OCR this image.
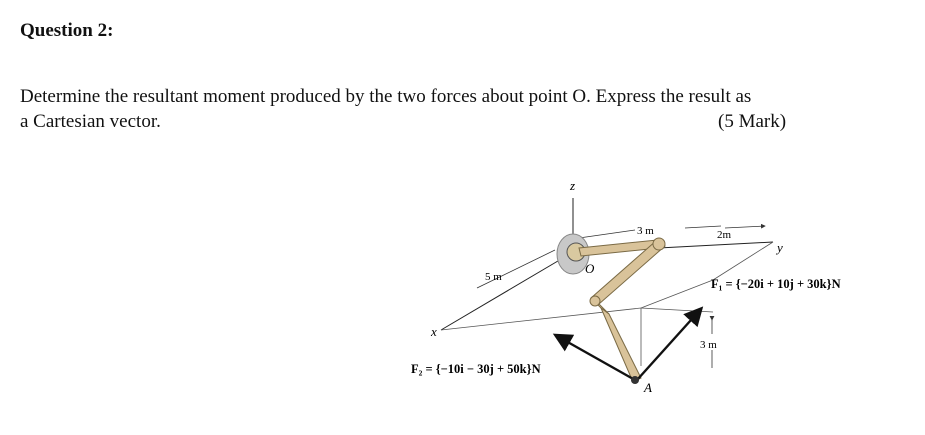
Question 2:
Determine the resultant moment produced by the two forces about point O. Express the result as
a Cartesian vector.	(5 Mark)
z
y
x
O
A
3 m	2m
5 m
3 m
F₁ = {−20i + 10j + 30k}N
F₂ = {−10i − 30j + 50k}N
